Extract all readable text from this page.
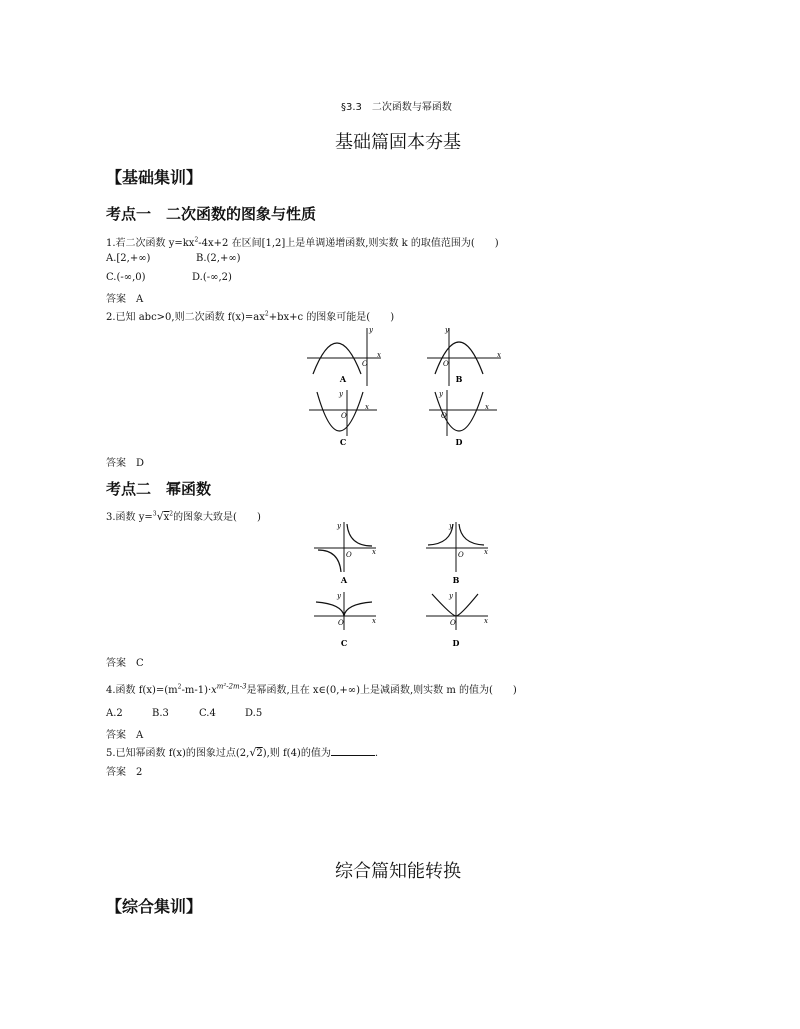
§3.3　二次函数与幂函数
基础篇固本夯基
【基础集训】
考点一　二次函数的图象与性质
1.若二次函数 $y=kx^2-4x+2$ 在区间[1,2]上是单调递增函数,则实数 k 的取值范围为(　　)
A.[2,+∞)	B.(2,+∞)
C.(-∞,0)	D.(-∞,2)
答案　A
2.已知 abc>0,则二次函数 $f(x)=ax^2+bx+c$ 的图象可能是(　　)
O
x
y
A
O
x
y
B
O
x
y
C
O
x
y
D
答案　D
考点二　幂函数
3.函数 $y=^3√x^2$的图象大致是(　　)
O	x
y
A
O	x
y
B
O	x
y
C
O	x
y
D
答案　C
4.函数 $f(x)=(m^2-m-1)\cdot x^{m^2-2m-3}$是幂函数,且在 x∈(0,+∞)上是减函数,则实数 m 的值为(　　)
A.2	B.3	C.4	D.5
答案　A
5.已知幂函数 f(x)的图象过点(2,√2),则 f(4)的值为	.
答案　2
综合篇知能转换
【综合集训】
